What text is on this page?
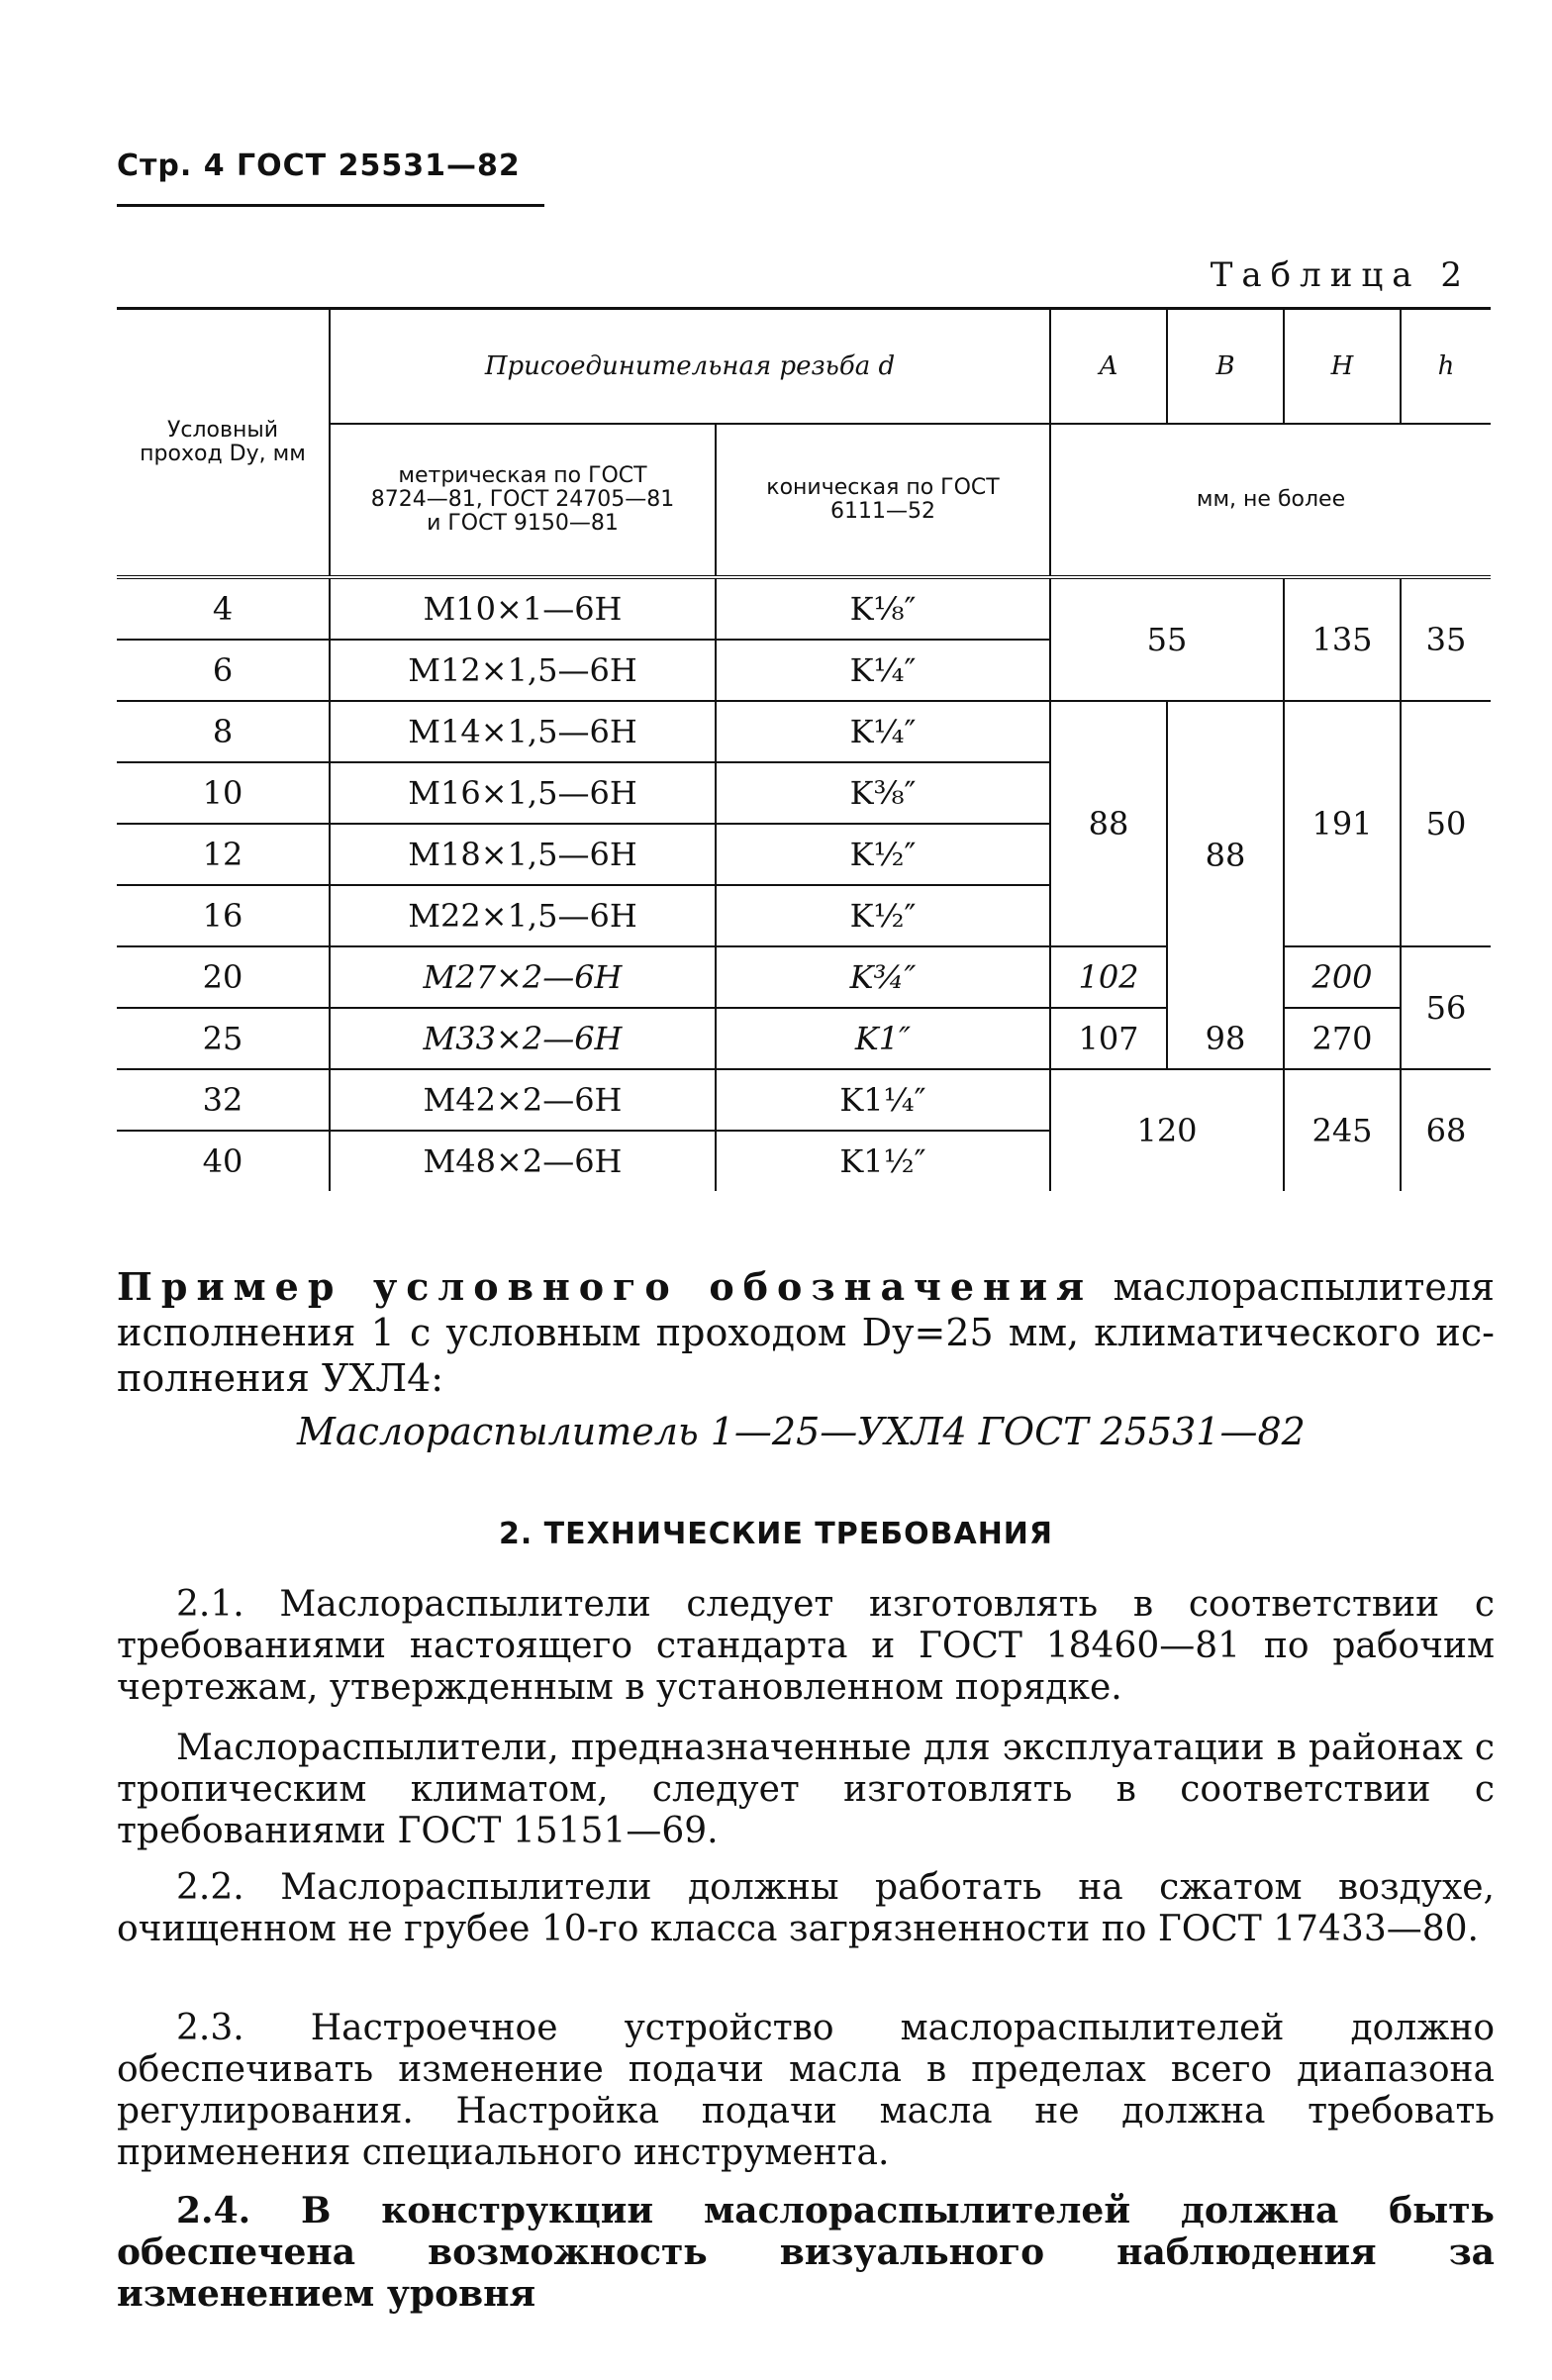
Стр. 4 ГОСТ 25531—82
Таблица 2

Условный проход Dу, мм	Присоединительная резьба d		A	B	H	h
	метрическая по ГОСТ 8724—81, ГОСТ 24705—81 и ГОСТ 9150—81	коническая по ГОСТ 6111—52	мм, не более			
4	M10×1—6H	K⅛″	55		135	35
6	M12×1,5—6H	K¼″				
8	M14×1,5—6H	K¼″	88	88	191	50
10	M16×1,5—6H	K⅜″				
12	M18×1,5—6H	K½″				
16	M22×1,5—6H	K½″				
20	M27×2—6H	K¾″	102		200	56
25	M33×2—6H	K1″	107	98	270	
32	M42×2—6H	K1¼″	120		245	68
40	M48×2—6H	K1½″				
Пример условного обозначения маслораспылителя
исполнения 1 с условным проходом Dу=25 мм, климатического ис-
полнения УХЛ4:
Маслораспылитель 1—25—УХЛ4 ГОСТ 25531—82
2. ТЕХНИЧЕСКИЕ ТРЕБОВАНИЯ
2.1. Маслораспылители следует изготовлять в соответствии с требованиями настоящего стандарта и ГОСТ 18460—81 по рабочим чертежам, утвержденным в установленном порядке.
Маслораспылители, предназначенные для эксплуатации в районах с тропическим климатом, следует изготовлять в соответствии с требованиями ГОСТ 15151—69.
2.2. Маслораспылители должны работать на сжатом воздухе, очищенном не грубее 10-го класса загрязненности по ГОСТ 17433—80.
2.3. Настроечное устройство маслораспылителей должно обеспечивать изменение подачи масла в пределах всего диапазона регулирования. Настройка подачи масла не должна требовать применения специального инструмента.
2.4. В конструкции маслораспылителей должна быть обеспечена возможность визуального наблюдения за изменением уровня
